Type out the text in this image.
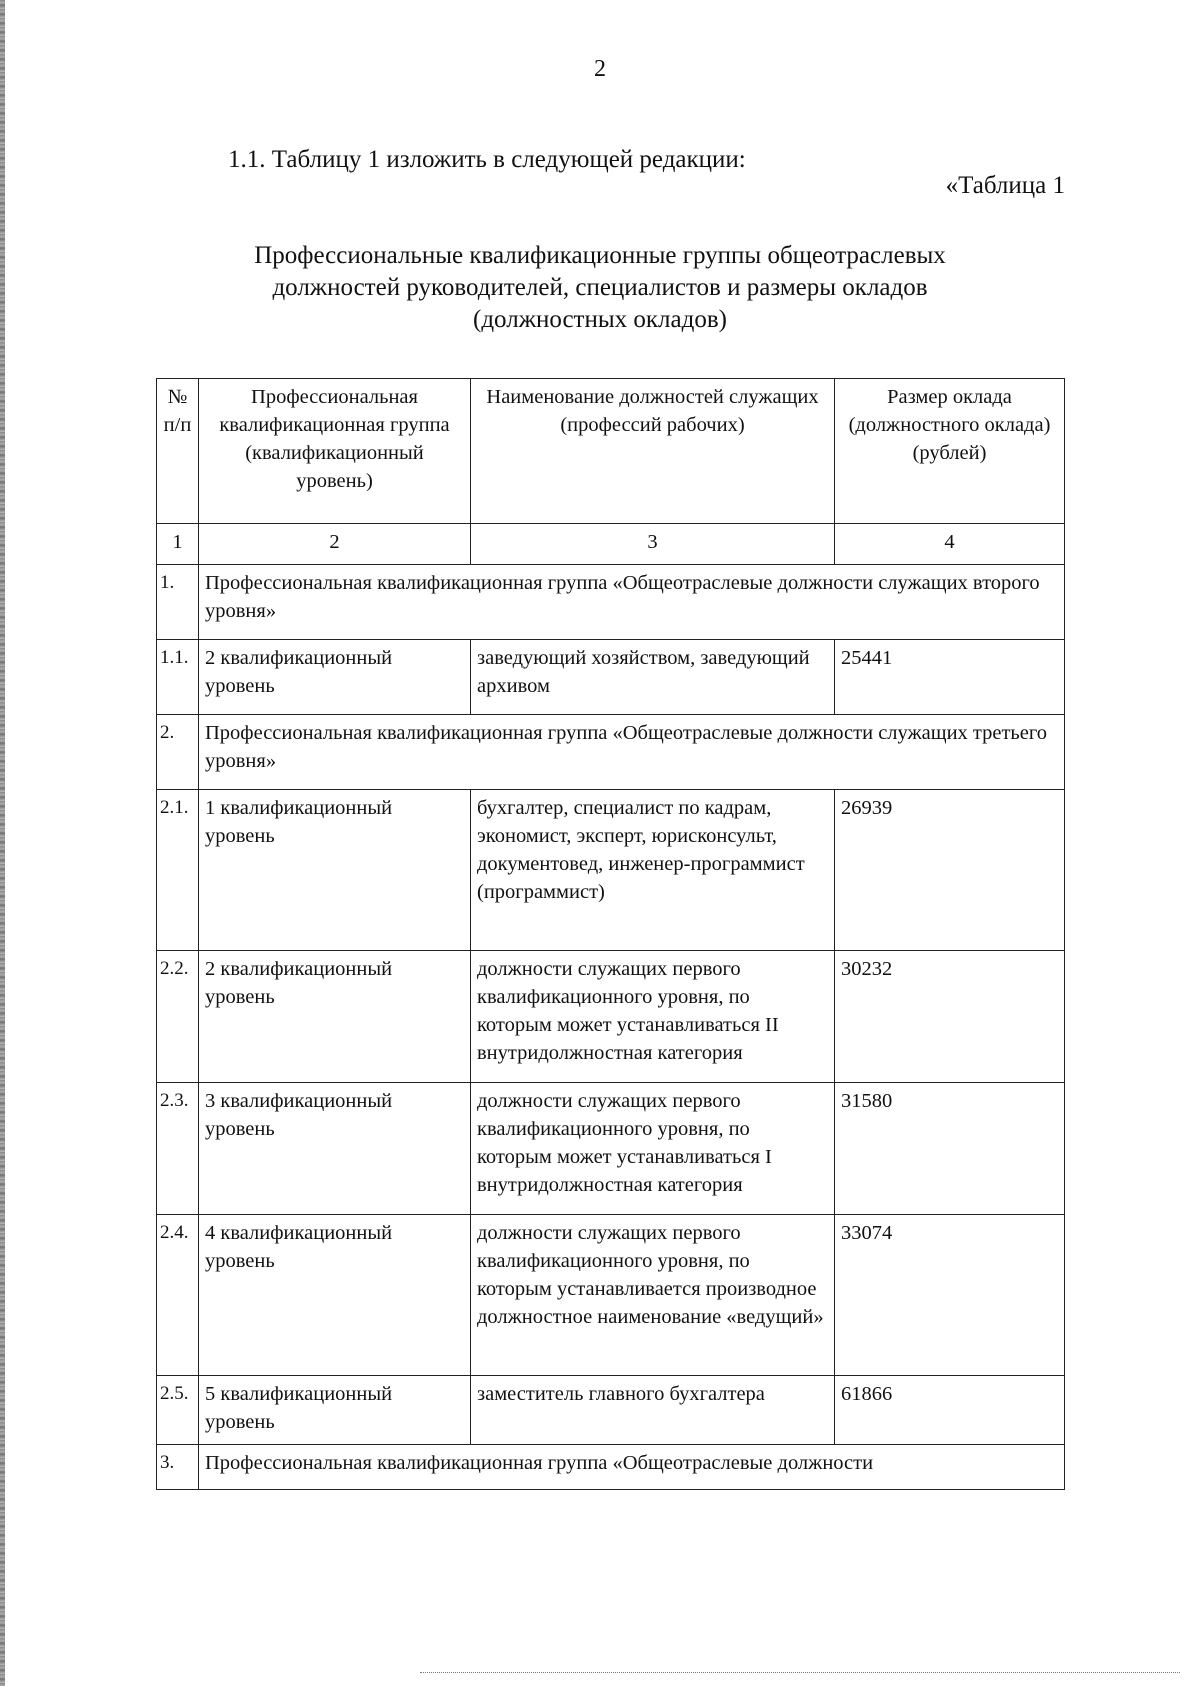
2
1.1. Таблицу 1 изложить в следующей редакции:
«Таблица 1
Профессиональные квалификационные группы общеотраслевых
должностей руководителей, специалистов и размеры окладов
(должностных окладов)
№ п/п	Профессиональная квалификационная группа (квалификационный уровень)	Наименование должностей служащих (профессий рабочих)	Размер оклада (должностного оклада) (рублей)
1	2	3	4
1.	Профессиональная квалификационная группа «Общеотраслевые должности служащих второго уровня»		
1.1.	2 квалификационный уровень	заведующий хозяйством, заведующий архивом	25441
2.	Профессиональная квалификационная группа «Общеотраслевые должности служащих третьего уровня»		
2.1.	1 квалификационный уровень	бухгалтер, специалист по кадрам, экономист, эксперт, юрисконсульт, документовед, инженер-программист (программист)	26939
2.2.	2 квалификационный уровень	должности служащих первого квалификационного уровня, по которым может устанавливаться II внутридолжностная категория	30232
2.3.	3 квалификационный уровень	должности служащих первого квалификационного уровня, по которым может устанавливаться I внутридолжностная категория	31580
2.4.	4 квалификационный уровень	должности служащих первого квалификационного уровня, по которым устанавливается производное должностное наименование «ведущий»	33074
2.5.	5 квалификационный уровень	заместитель главного бухгалтера	61866
3.	Профессиональная квалификационная группа «Общеотраслевые должности		
